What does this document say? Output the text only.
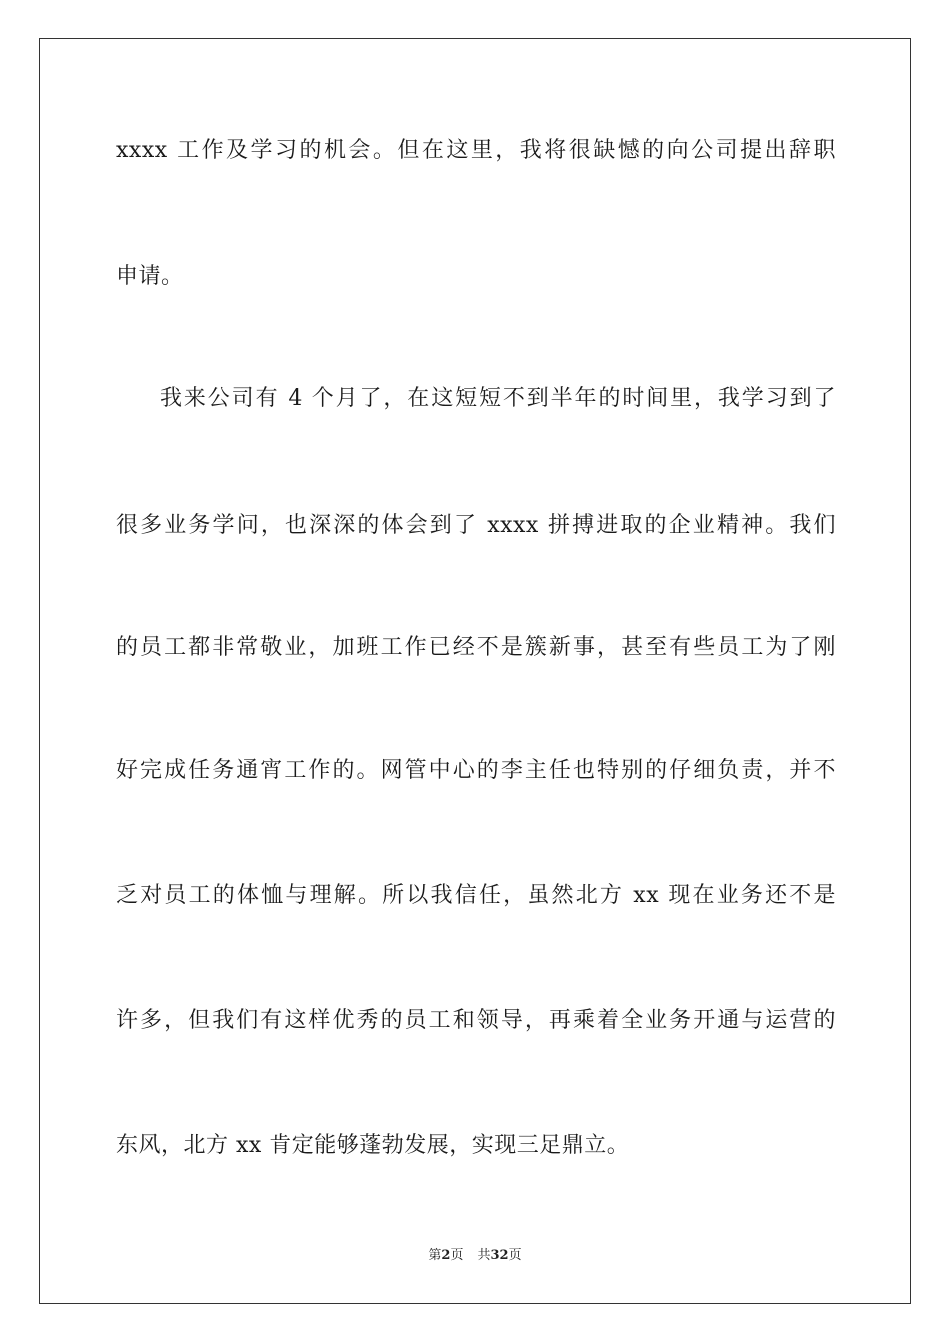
xxxx 工作及学习的机会。但在这里，我将很缺憾的向公司提出辞职
申请。
我来公司有 4 个月了，在这短短不到半年的时间里，我学习到了
很多业务学问，也深深的体会到了 xxxx 拼搏进取的企业精神。我们
的员工都非常敬业，加班工作已经不是簇新事，甚至有些员工为了刚
好完成任务通宵工作的。网管中心的李主任也特别的仔细负责，并不
乏对员工的体恤与理解。所以我信任，虽然北方 xx 现在业务还不是
许多，但我们有这样优秀的员工和领导，再乘着全业务开通与运营的
东风，北方 xx 肯定能够蓬勃发展，实现三足鼎立。
第2页 共32页
